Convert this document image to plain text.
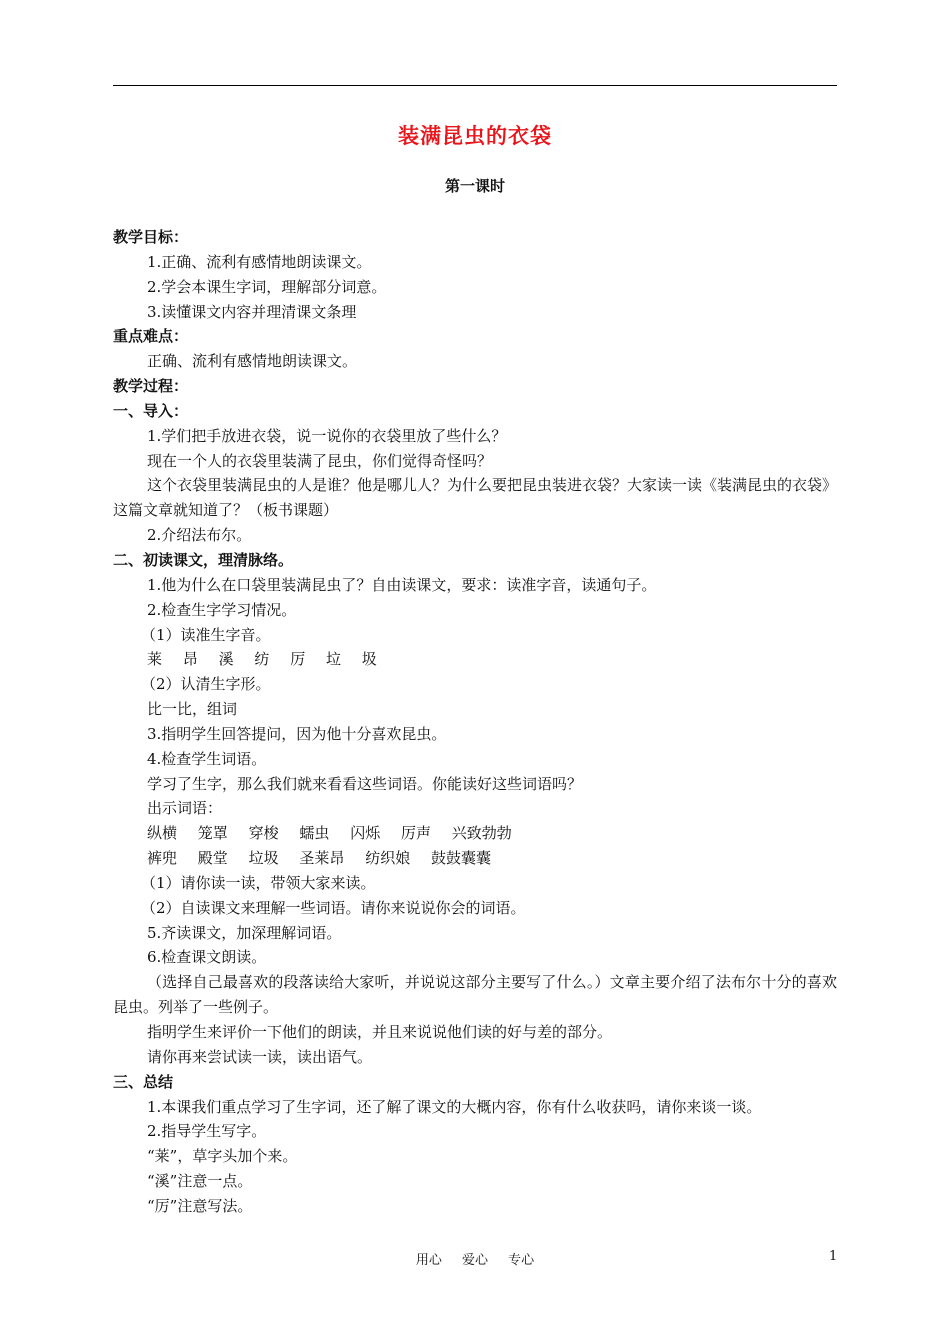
装满昆虫的衣袋
第一课时
教学目标：
1.正确、流利有感情地朗读课文。
2.学会本课生字词，理解部分词意。
3.读懂课文内容并理清课文条理
重点难点：
正确、流利有感情地朗读课文。
教学过程：
一、导入：
1.学们把手放进衣袋，说一说你的衣袋里放了些什么？
现在一个人的衣袋里装满了昆虫，你们觉得奇怪吗？
这个衣袋里装满昆虫的人是谁？他是哪儿人？为什么要把昆虫装进衣袋？大家读一读《装满昆虫的衣袋》这篇文章就知道了？（板书课题）
2.介绍法布尔。
二、初读课文，理清脉络。
1.他为什么在口袋里装满昆虫了？自由读课文，要求：读准字音，读通句子。
2.检查生字学习情况。
（1）读准生字音。
莱 昂 溪 纺 厉 垃 圾
（2）认清生字形。
比一比，组词
3.指明学生回答提问，因为他十分喜欢昆虫。
4.检查学生词语。
学习了生字，那么我们就来看看这些词语。你能读好这些词语吗？
出示词语：
纵横 笼罩 穿梭 蠕虫 闪烁 厉声 兴致勃勃
裤兜 殿堂 垃圾 圣莱昂 纺织娘 鼓鼓囊囊
（1）请你读一读，带领大家来读。
（2）自读课文来理解一些词语。请你来说说你会的词语。
5.齐读课文，加深理解词语。
6.检查课文朗读。
（选择自己最喜欢的段落读给大家听，并说说这部分主要写了什么。）文章主要介绍了法布尔十分的喜欢昆虫。列举了一些例子。
指明学生来评价一下他们的朗读，并且来说说他们读的好与差的部分。
请你再来尝试读一读，读出语气。
三、总结
1.本课我们重点学习了生字词，还了解了课文的大概内容，你有什么收获吗，请你来谈一谈。
2.指导学生写字。
“莱”，草字头加个来。
“溪”注意一点。
“厉”注意写法。
用心 爱心 专心	1
